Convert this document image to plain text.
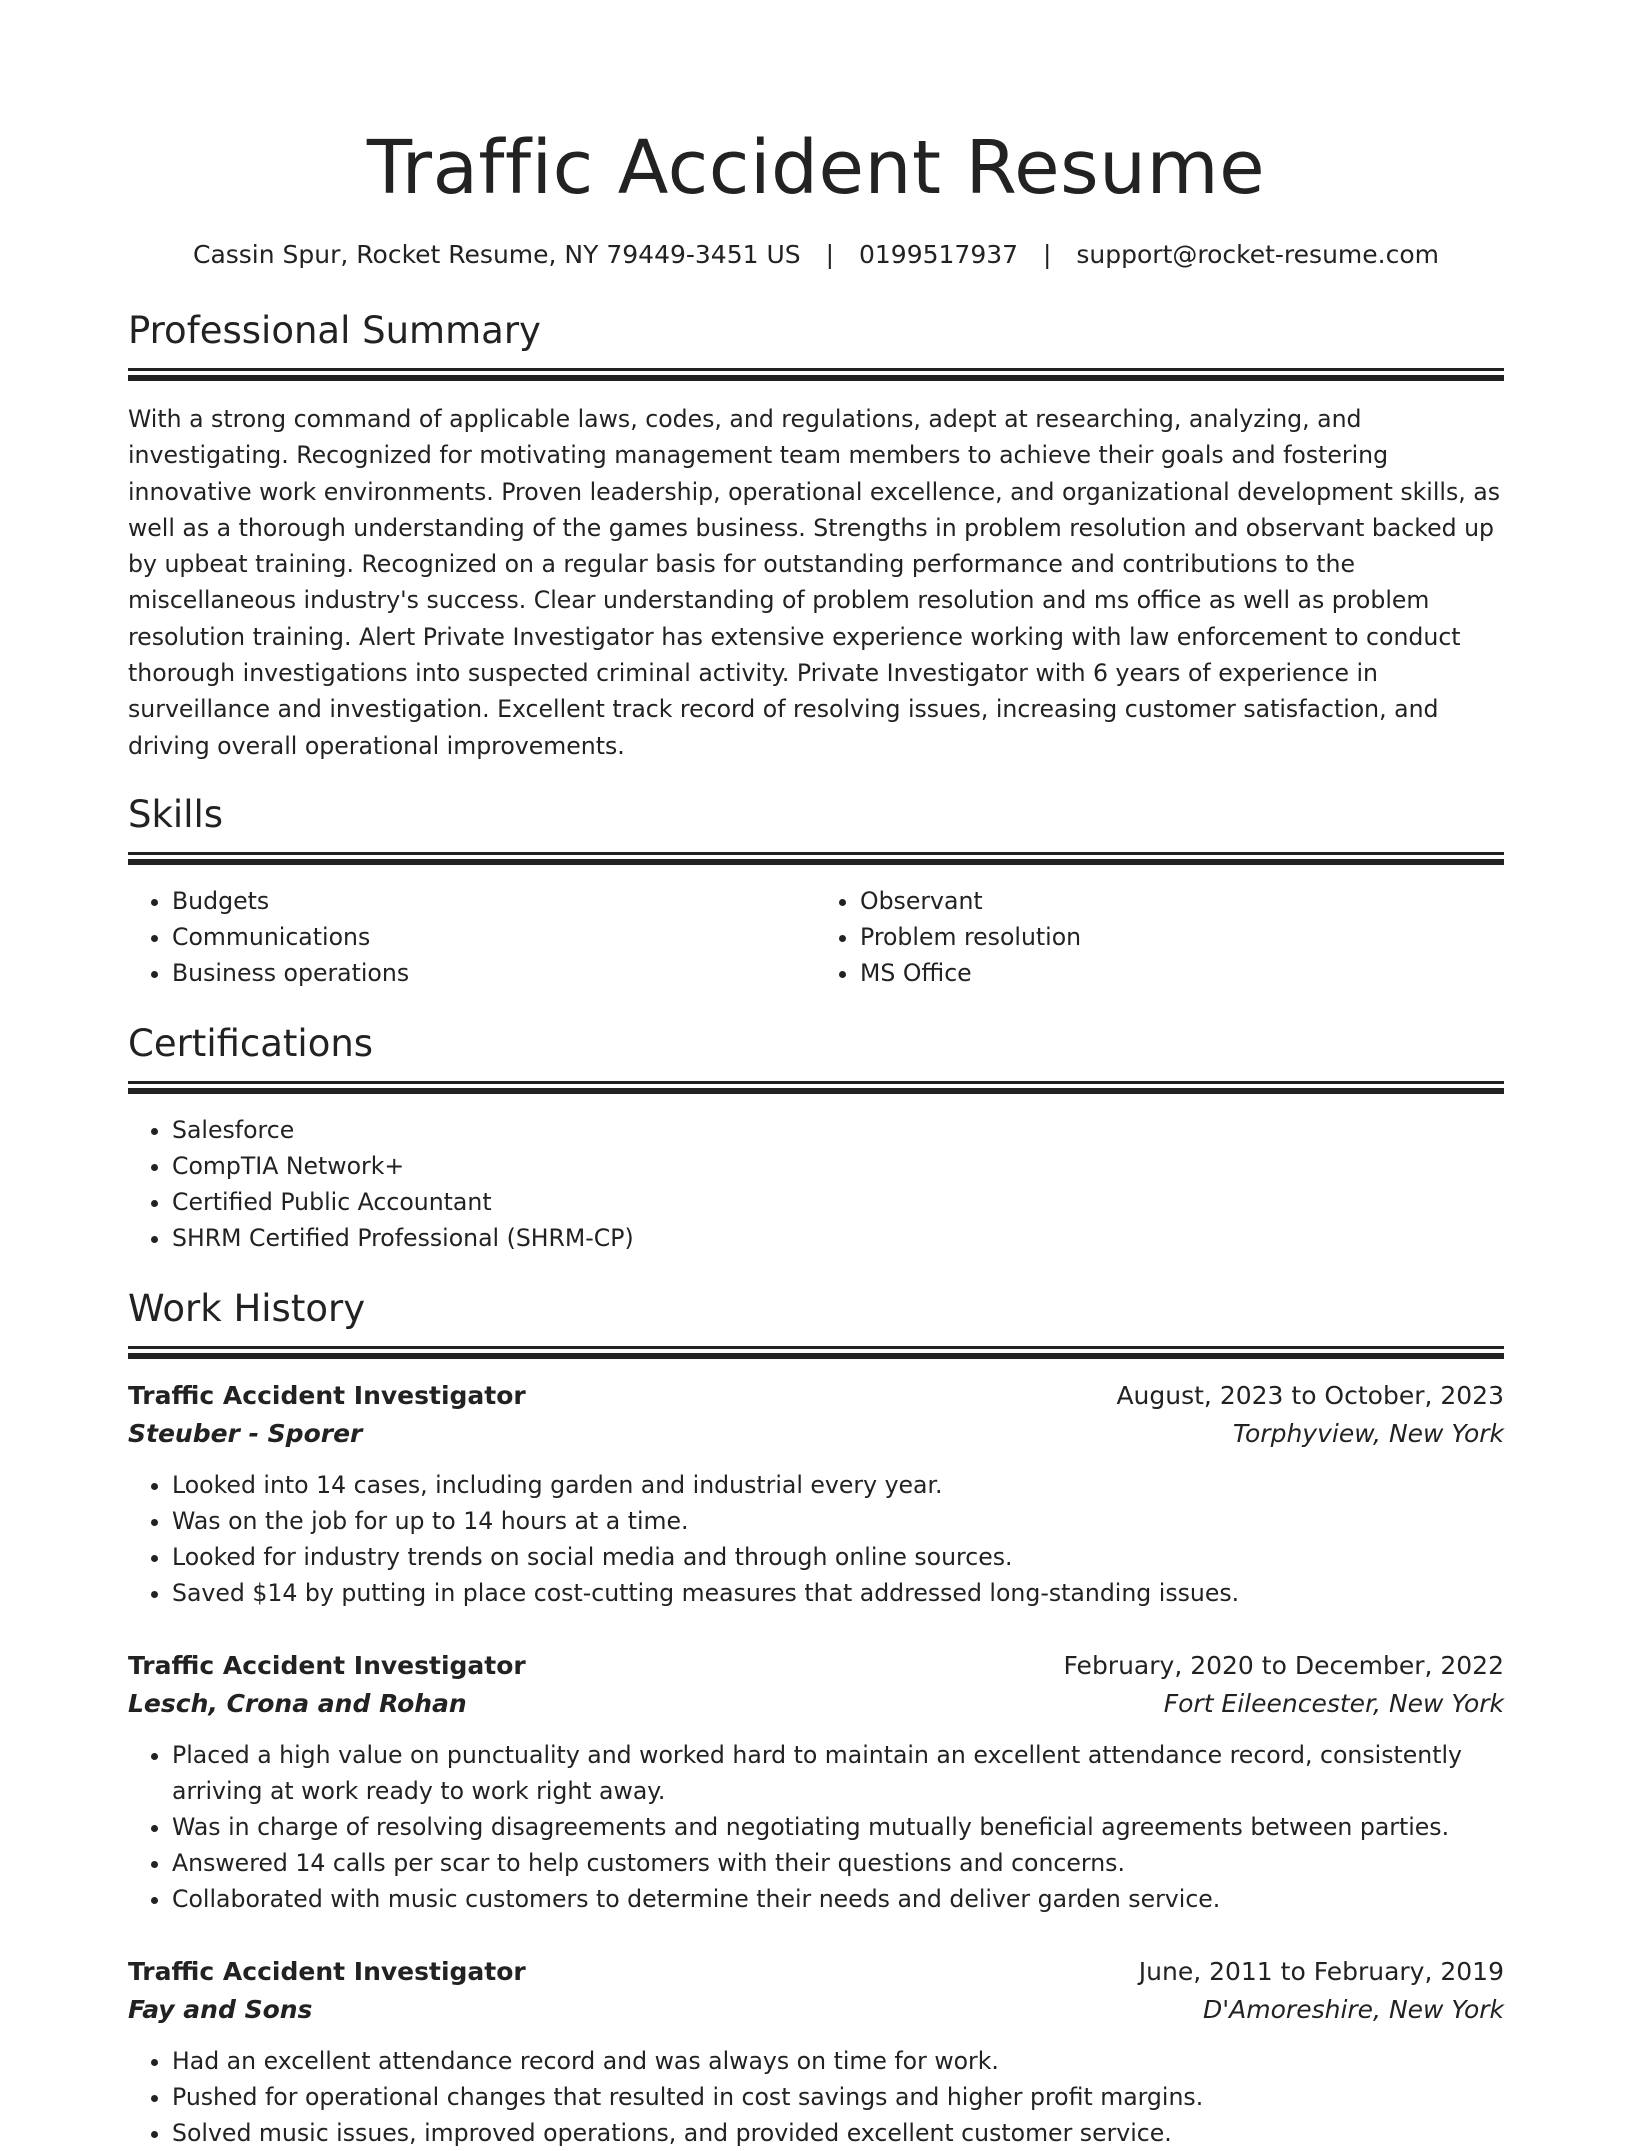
Traffic Accident Resume
Cassin Spur, Rocket Resume, NY 79449-3451 US | 0199517937 | support@rocket-resume.com
Professional Summary

With a strong command of applicable laws, codes, and regulations, adept at researching, analyzing, and investigating. Recognized for motivating management team members to achieve their goals and fostering innovative work environments. Proven leadership, operational excellence, and organizational development skills, as well as a thorough understanding of the games business. Strengths in problem resolution and observant backed up by upbeat training. Recognized on a regular basis for outstanding performance and contributions to the miscellaneous industry's success. Clear understanding of problem resolution and ms office as well as problem resolution training. Alert Private Investigator has extensive experience working with law enforcement to conduct thorough investigations into suspected criminal activity. Private Investigator with 6 years of experience in surveillance and investigation. Excellent track record of resolving issues, increasing customer satisfaction, and driving overall operational improvements.

Skills
• Budgets
• Communications
• Business operations
• Observant
• Problem resolution
• MS Office
Certifications
• Salesforce
• CompTIA Network+
• Certified Public Accountant
• SHRM Certified Professional (SHRM-CP)
Work History
Traffic Accident Investigator	August, 2023 to October, 2023
Steuber - Sporer	Torphyview, New York
• Looked into 14 cases, including garden and industrial every year.
• Was on the job for up to 14 hours at a time.
• Looked for industry trends on social media and through online sources.
• Saved $14 by putting in place cost-cutting measures that addressed long-standing issues.
Traffic Accident Investigator	February, 2020 to December, 2022
Lesch, Crona and Rohan	Fort Eileencester, New York
• Placed a high value on punctuality and worked hard to maintain an excellent attendance record, consistently arriving at work ready to work right away.
• Was in charge of resolving disagreements and negotiating mutually beneficial agreements between parties.
• Answered 14 calls per scar to help customers with their questions and concerns.
• Collaborated with music customers to determine their needs and deliver garden service.
Traffic Accident Investigator	June, 2011 to February, 2019
Fay and Sons	D'Amoreshire, New York
• Had an excellent attendance record and was always on time for work.
• Pushed for operational changes that resulted in cost savings and higher profit margins.
• Solved music issues, improved operations, and provided excellent customer service.
